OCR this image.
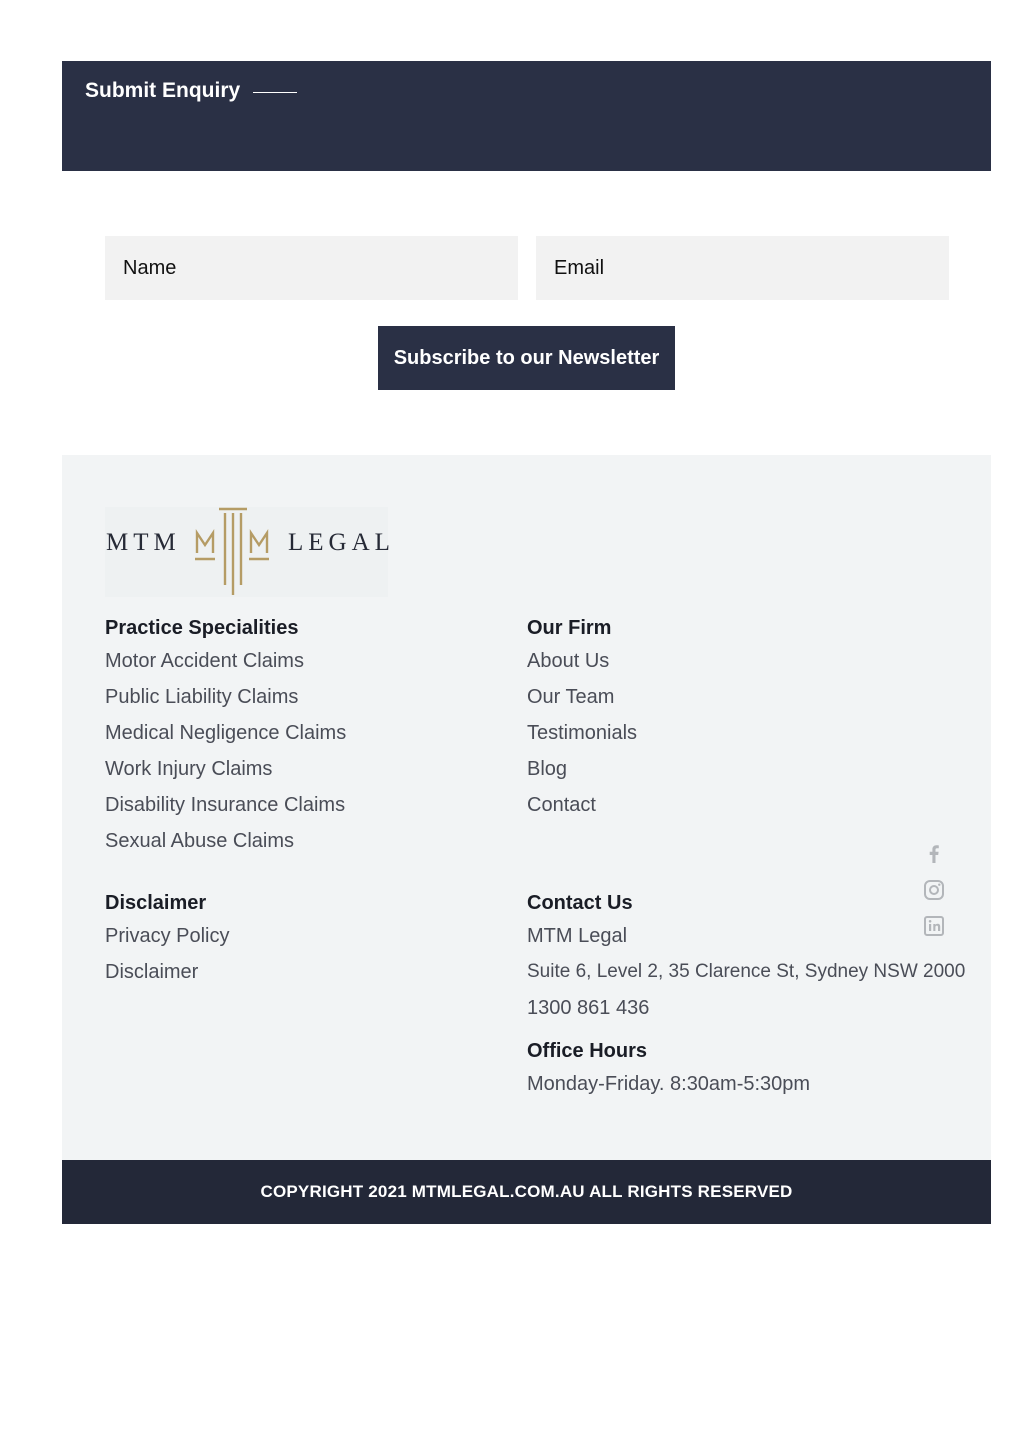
Submit Enquiry
Name
Email
Subscribe to our Newsletter
MTM	LEGAL
Practice Specialities
Motor Accident Claims
Public Liability Claims
Medical Negligence Claims
Work Injury Claims
Disability Insurance Claims
Sexual Abuse Claims
Our Firm
About Us
Our Team
Testimonials
Blog
Contact
Disclaimer
Privacy Policy
Disclaimer
Contact Us
MTM Legal
Suite 6, Level 2, 35 Clarence St, Sydney NSW 2000
1300 861 436
Office Hours
Monday-Friday. 8:30am-5:30pm
COPYRIGHT 2021 MTMLEGAL.COM.AU ALL RIGHTS RESERVED
